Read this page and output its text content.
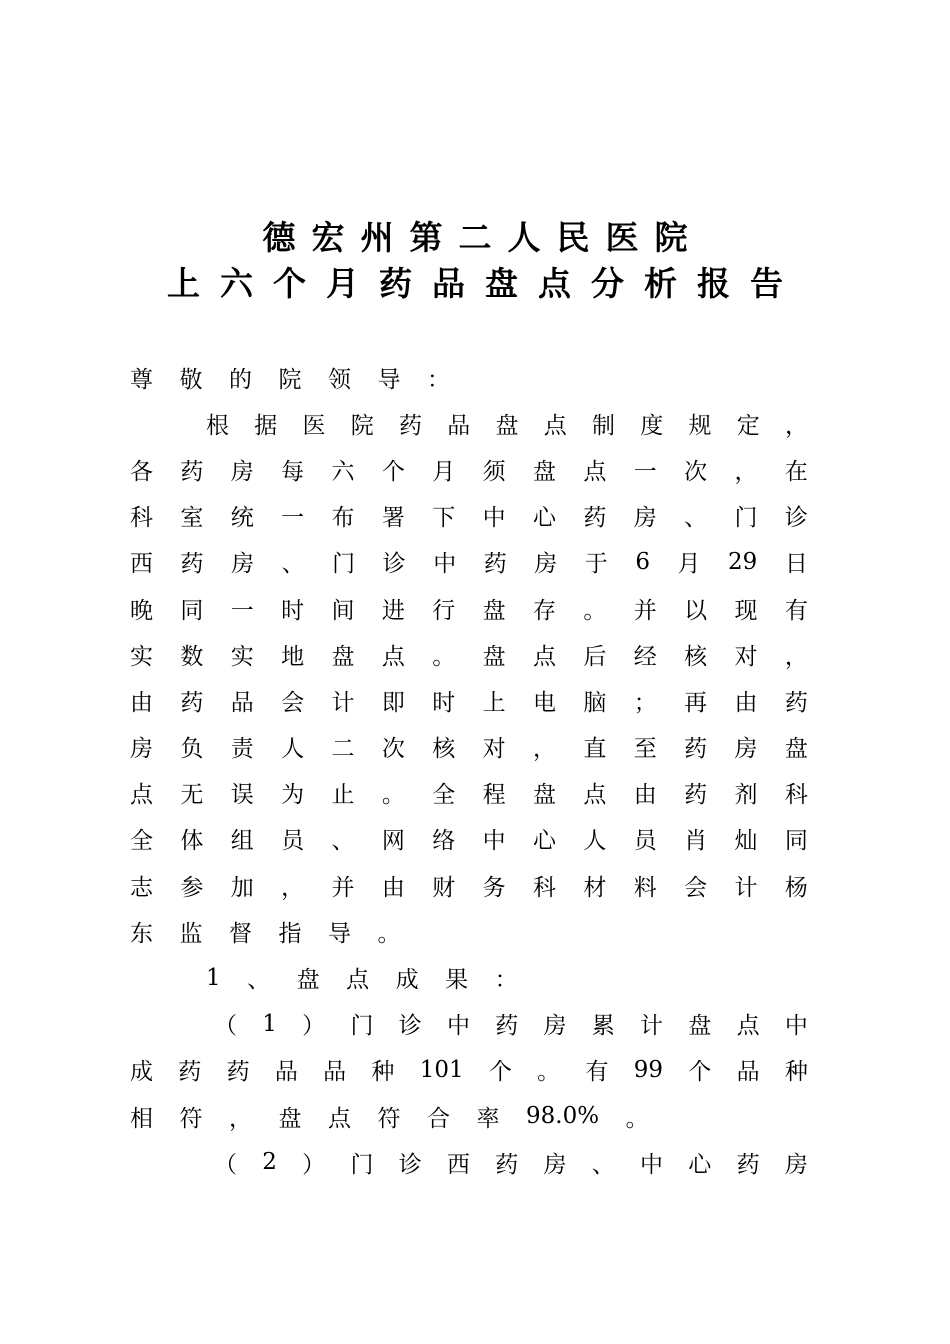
德宏州第二人民医院
上六个月药品盘点分析报告
尊 敬 的 院 领 导 ：
根 据 医 院 药 品 盘 点 制 度 规 定 ，
各 药 房 每 六 个 月 须 盘 点 一 次 ， 在
科 室 统 一 布 署 下 中 心 药 房 、 门 诊
西 药 房 、 门 诊 中 药 房 于 6 月 29 日
晚 同 一 时 间 进 行 盘 存 。 并 以 现 有
实 数 实 地 盘 点 。 盘 点 后 经 核 对 ，
由 药 品 会 计 即 时 上 电 脑 ； 再 由 药
房 负 责 人 二 次 核 对 ， 直 至 药 房 盘
点 无 误 为 止 。 全 程 盘 点 由 药 剂 科
全 体 组 员 、 网 络 中 心 人 员 肖 灿 同
志 参 加 ， 并 由 财 务 科 材 料 会 计 杨
东 监 督 指 导 。
1 、 盘 点 成 果 ：
（ 1 ） 门 诊 中 药 房 累 计 盘 点 中
成 药 药 品 品 种 101 个 。 有 99 个 品 种
相 符 ， 盘 点 符 合 率 98.0% 。
（ 2 ） 门 诊 西 药 房 、 中 心 药 房
